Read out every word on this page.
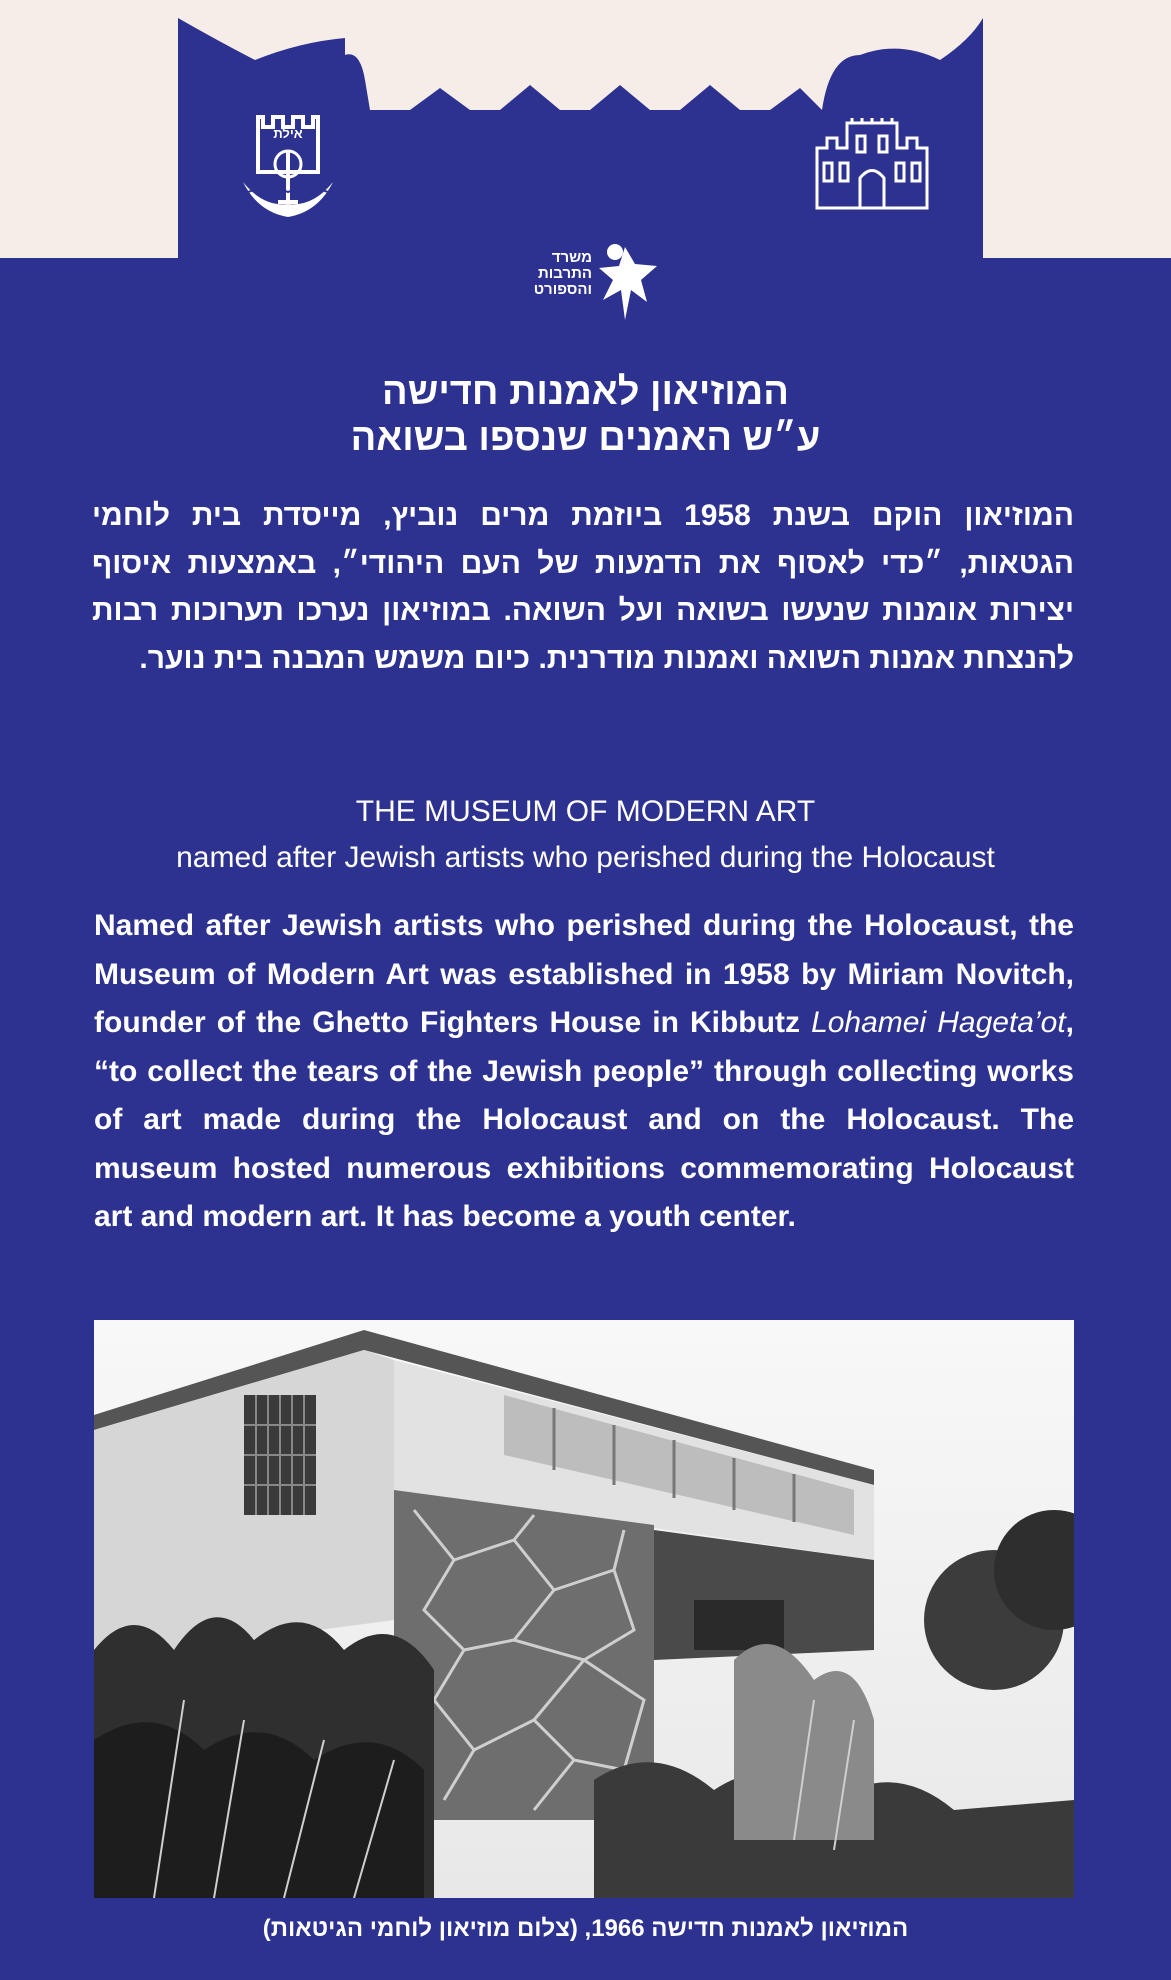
אילת
עיריית אילת
מועצה לשימור
אתרי מורשת בישראל
משרד
התרבות
והספורט
המוזיאון לאמנות חדישה
ע״ש האמנים שנספו בשואה

המוזיאון הוקם בשנת 1958 ביוזמת מרים נוביץ, מייסדת בית לוחמי הגטאות, ״כדי לאסוף את הדמעות של העם היהודי״, באמצעות איסוף יצירות אומנות שנעשו בשואה ועל השואה. במוזיאון נערכו תערוכות רבות להנצחת אמנות השואה ואמנות מודרנית. כיום משמש המבנה בית נוער.

THE MUSEUM OF MODERN ART
named after Jewish artists who perished during the Holocaust

Named after Jewish artists who perished during the Holocaust, the Museum of Modern Art was established in 1958 by Miriam Novitch, founder of the Ghetto Fighters House in Kibbutz Lohamei Hageta’ot, “to collect the tears of the Jewish people” through collecting works of art made during the Holocaust and on the Holocaust. The museum hosted numerous exhibitions commemorating Holocaust art and modern art. It has become a youth center.

המוזיאון לאמנות חדישה 1966, (צלום מוזיאון לוחמי הגיטאות)
